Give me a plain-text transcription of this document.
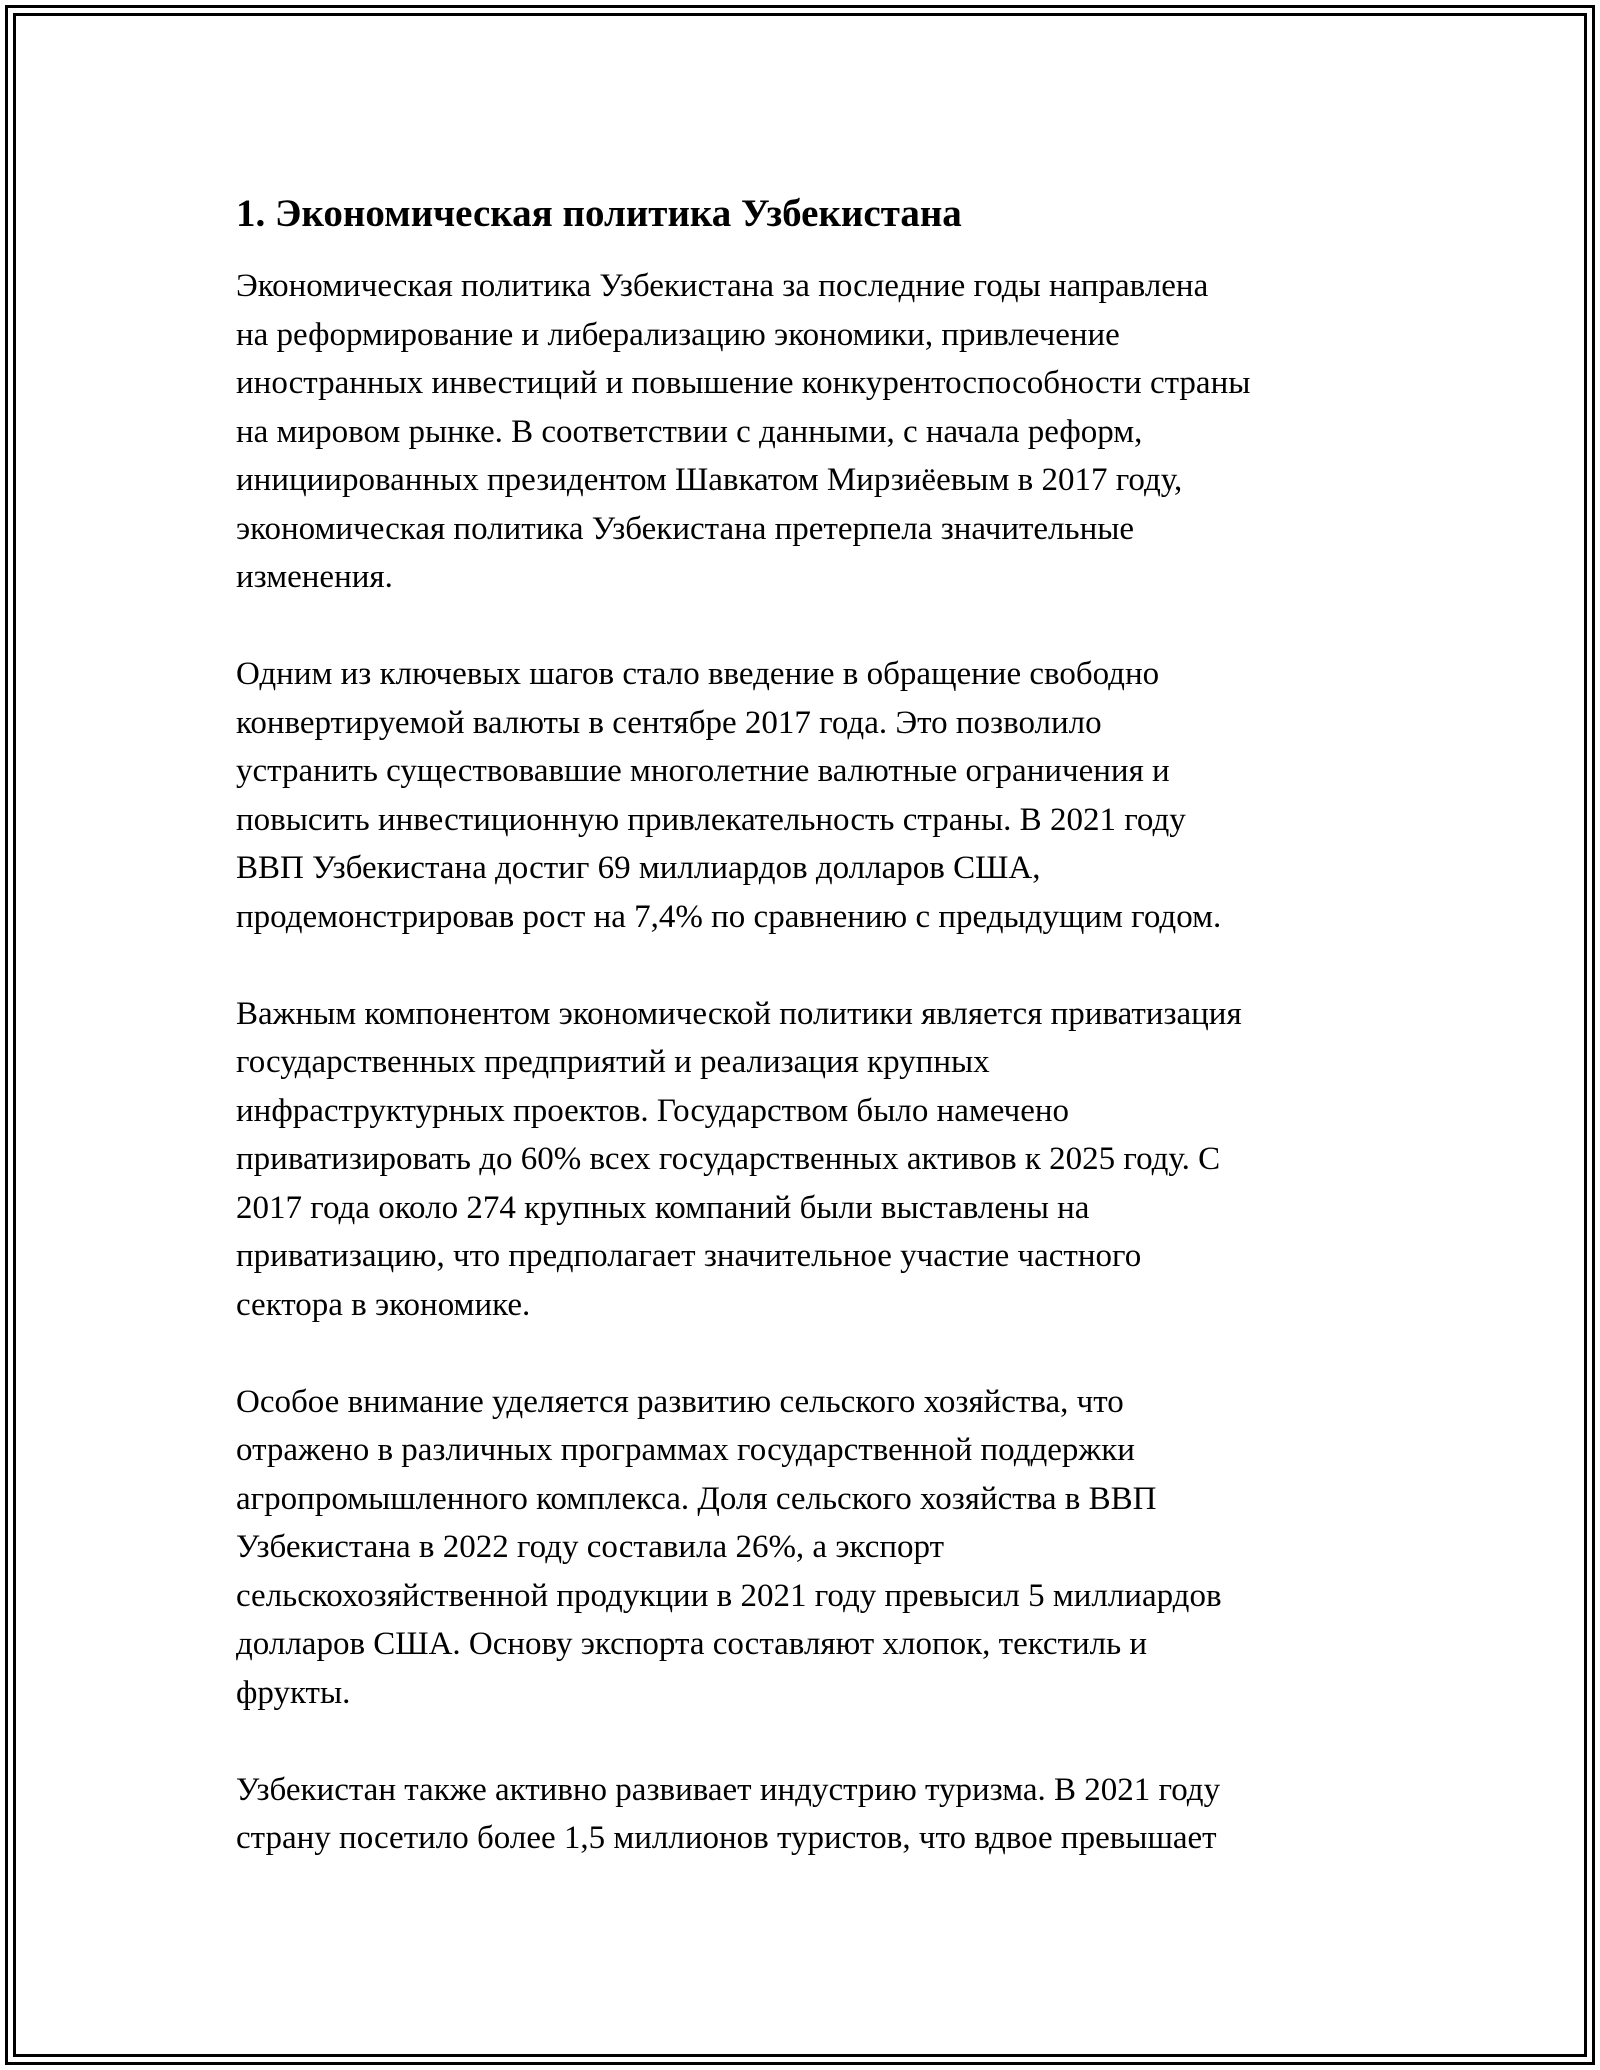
1. Экономическая политика Узбекистана

Экономическая политика Узбекистана за последние годы направлена
на реформирование и либерализацию экономики, привлечение
иностранных инвестиций и повышение конкурентоспособности страны
на мировом рынке. В соответствии с данными, с начала реформ,
инициированных президентом Шавкатом Мирзиёевым в 2017 году,
экономическая политика Узбекистана претерпела значительные
изменения.

Одним из ключевых шагов стало введение в обращение свободно
конвертируемой валюты в сентябре 2017 года. Это позволило
устранить существовавшие многолетние валютные ограничения и
повысить инвестиционную привлекательность страны. В 2021 году
ВВП Узбекистана достиг 69 миллиардов долларов США,
продемонстрировав рост на 7,4% по сравнению с предыдущим годом.

Важным компонентом экономической политики является приватизация
государственных предприятий и реализация крупных
инфраструктурных проектов. Государством было намечено
приватизировать до 60% всех государственных активов к 2025 году. С
2017 года около 274 крупных компаний были выставлены на
приватизацию, что предполагает значительное участие частного
сектора в экономике.

Особое внимание уделяется развитию сельского хозяйства, что
отражено в различных программах государственной поддержки
агропромышленного комплекса. Доля сельского хозяйства в ВВП
Узбекистана в 2022 году составила 26%, а экспорт
сельскохозяйственной продукции в 2021 году превысил 5 миллиардов
долларов США. Основу экспорта составляют хлопок, текстиль и
фрукты.

Узбекистан также активно развивает индустрию туризма. В 2021 году
страну посетило более 1,5 миллионов туристов, что вдвое превышает
